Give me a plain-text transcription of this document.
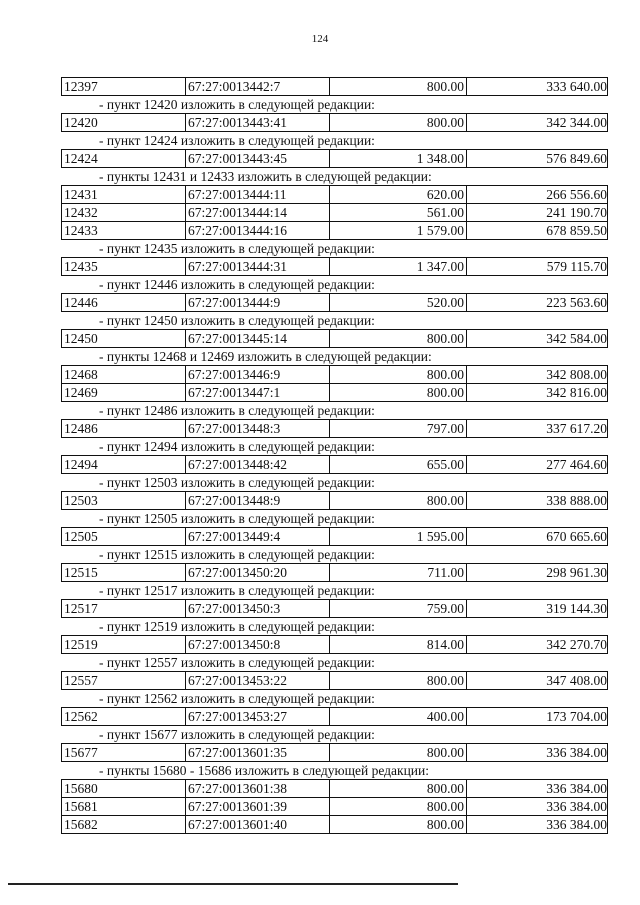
124
12397	67:27:0013442:7	800.00	333 640.00
- пункт 12420 изложить в следующей редакции:
12420	67:27:0013443:41	800.00	342 344.00
- пункт 12424 изложить в следующей редакции:
12424	67:27:0013443:45	1 348.00	576 849.60
- пункты 12431 и 12433 изложить в следующей редакции:
12431	67:27:0013444:11	620.00	266 556.60
12432	67:27:0013444:14	561.00	241 190.70
12433	67:27:0013444:16	1 579.00	678 859.50
- пункт 12435 изложить в следующей редакции:
12435	67:27:0013444:31	1 347.00	579 115.70
- пункт 12446 изложить в следующей редакции:
12446	67:27:0013444:9	520.00	223 563.60
- пункт 12450 изложить в следующей редакции:
12450	67:27:0013445:14	800.00	342 584.00
- пункты 12468 и 12469 изложить в следующей редакции:
12468	67:27:0013446:9	800.00	342 808.00
12469	67:27:0013447:1	800.00	342 816.00
- пункт 12486 изложить в следующей редакции:
12486	67:27:0013448:3	797.00	337 617.20
- пункт 12494 изложить в следующей редакции:
12494	67:27:0013448:42	655.00	277 464.60
- пункт 12503 изложить в следующей редакции:
12503	67:27:0013448:9	800.00	338 888.00
- пункт 12505 изложить в следующей редакции:
12505	67:27:0013449:4	1 595.00	670 665.60
- пункт 12515 изложить в следующей редакции:
12515	67:27:0013450:20	711.00	298 961.30
- пункт 12517 изложить в следующей редакции:
12517	67:27:0013450:3	759.00	319 144.30
- пункт 12519 изложить в следующей редакции:
12519	67:27:0013450:8	814.00	342 270.70
- пункт 12557 изложить в следующей редакции:
12557	67:27:0013453:22	800.00	347 408.00
- пункт 12562 изложить в следующей редакции:
12562	67:27:0013453:27	400.00	173 704.00
- пункт 15677 изложить в следующей редакции:
15677	67:27:0013601:35	800.00	336 384.00
- пункты 15680 - 15686 изложить в следующей редакции:
15680	67:27:0013601:38	800.00	336 384.00
15681	67:27:0013601:39	800.00	336 384.00
15682	67:27:0013601:40	800.00	336 384.00
